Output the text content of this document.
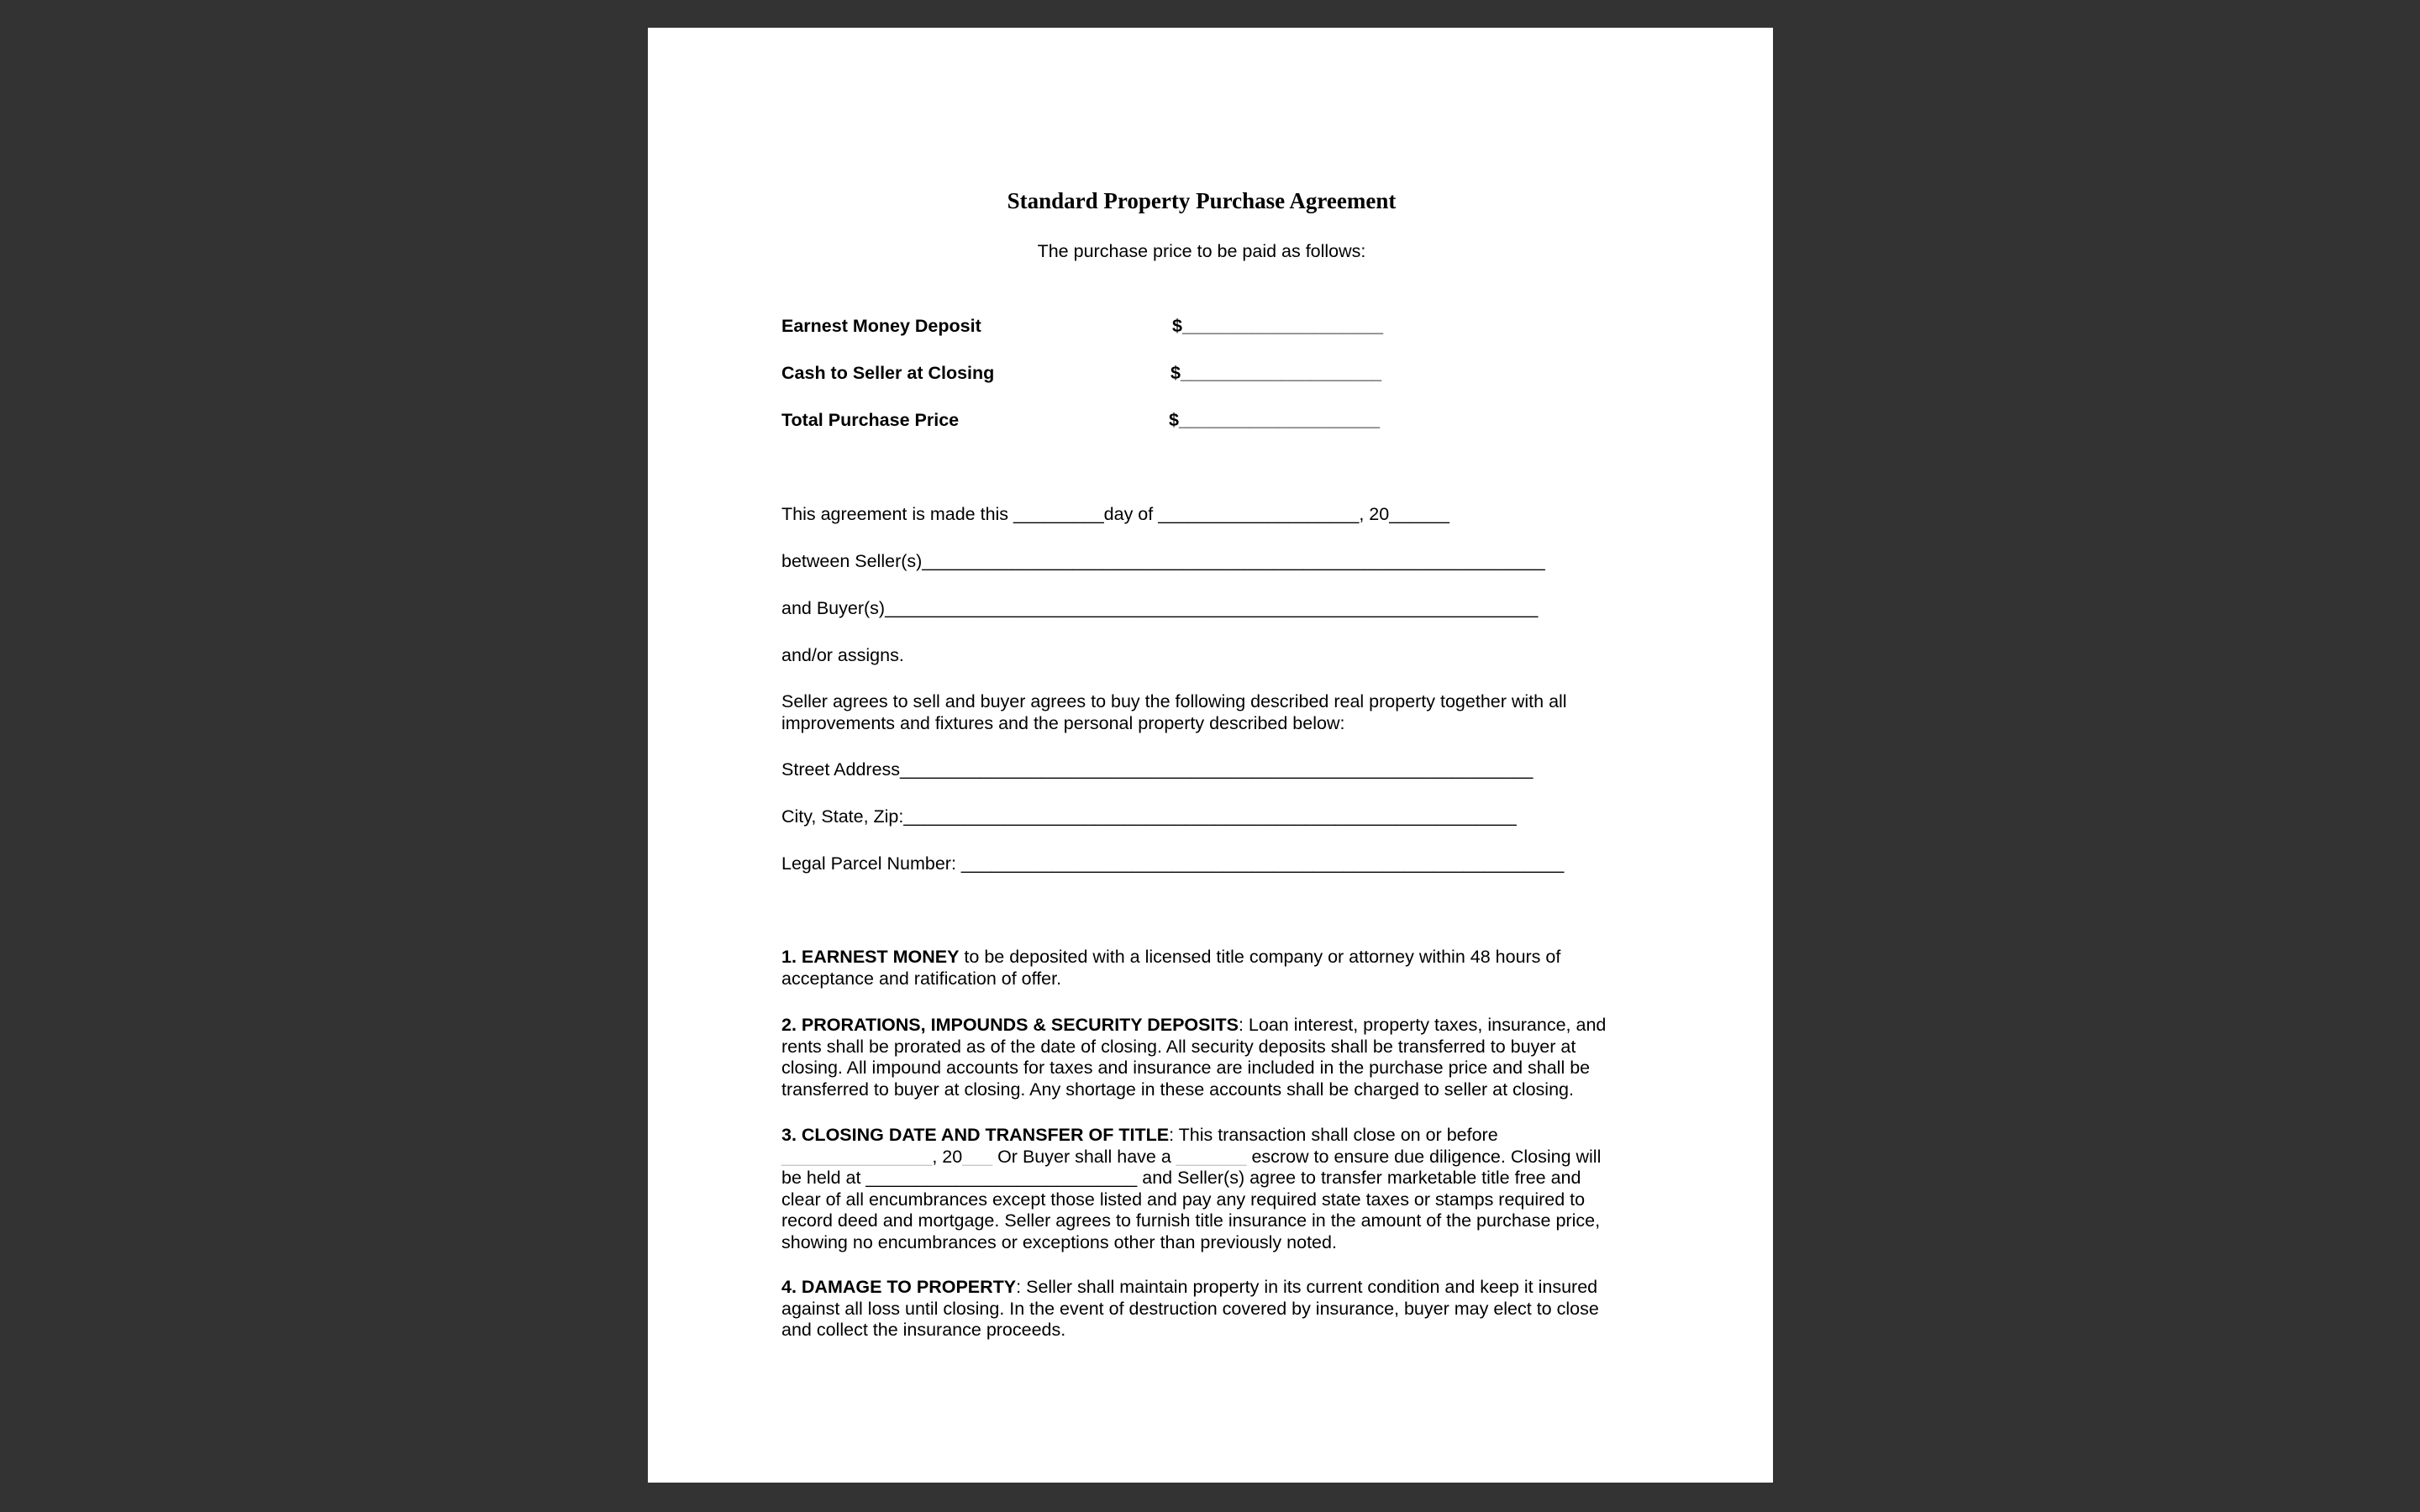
Standard Property Purchase Agreement
The purchase price to be paid as follows:
Earnest Money Deposit	$____________________
Cash to Seller at Closing	$____________________
Total Purchase Price	$____________________
This agreement is made this _________day of ____________________, 20______
between Seller(s)______________________________________________________________
and Buyer(s)_________________________________________________________________
and/or assigns.
Seller agrees to sell and buyer agrees to buy the following described real property together with all improvements and fixtures and the personal property described below:
Street Address_______________________________________________________________
City, State, Zip:_____________________________________________________________
Legal Parcel Number: ____________________________________________________________
1. EARNEST MONEY to be deposited with a licensed title company or attorney within 48 hours of acceptance and ratification of offer.
2. PRORATIONS, IMPOUNDS & SECURITY DEPOSITS: Loan interest, property taxes, insurance, and rents shall be prorated as of the date of closing. All security deposits shall be transferred to buyer at closing. All impound accounts for taxes and insurance are included in the purchase price and shall be transferred to buyer at closing. Any shortage in these accounts shall be charged to seller at closing.
3. CLOSING DATE AND TRANSFER OF TITLE: This transaction shall close on or before _______________, 20___ Or Buyer shall have a _______ escrow to ensure due diligence. Closing will be held at ___________________________ and Seller(s) agree to transfer marketable title free and clear of all encumbrances except those listed and pay any required state taxes or stamps required to record deed and mortgage. Seller agrees to furnish title insurance in the amount of the purchase price, showing no encumbrances or exceptions other than previously noted.
4. DAMAGE TO PROPERTY: Seller shall maintain property in its current condition and keep it insured against all loss until closing. In the event of destruction covered by insurance, buyer may elect to close and collect the insurance proceeds.
